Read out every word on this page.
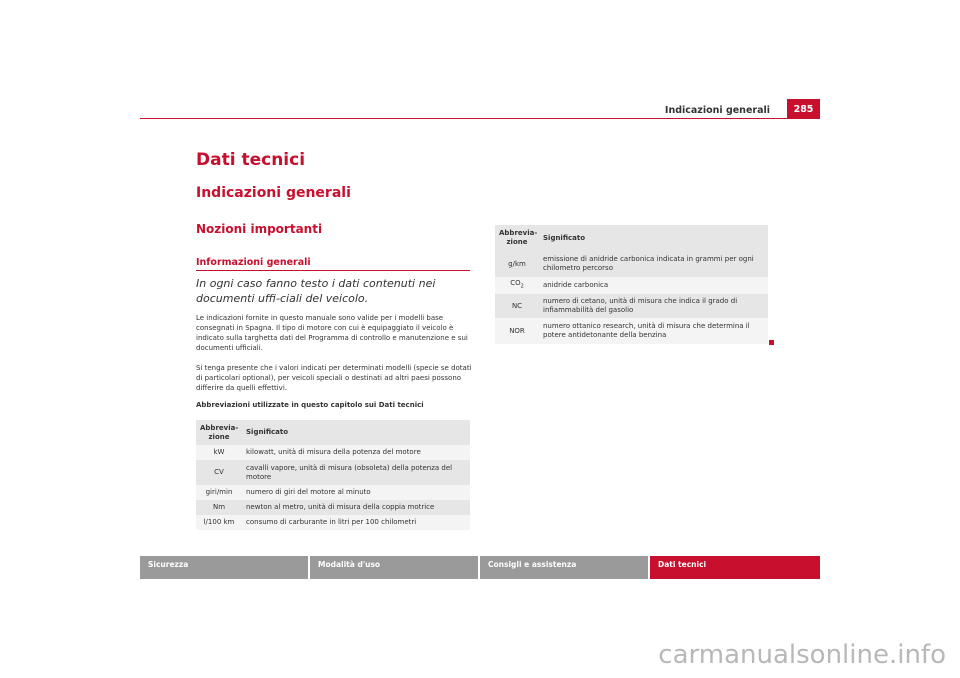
Indicazioni generali	285
Dati tecnici
Indicazioni generali
Nozioni importanti
Informazioni generali
In ogni caso fanno testo i dati contenuti nei documenti uffi-ciali del veicolo.
Le indicazioni fornite in questo manuale sono valide per i modelli base consegnati in Spagna. Il tipo di motore con cui è equipaggiato il veicolo è indicato sulla targhetta dati del Programma di controllo e manutenzione e sui documenti ufficiali.
Si tenga presente che i valori indicati per determinati modelli (specie se dotati di particolari optional), per veicoli speciali o destinati ad altri paesi possono differire da quelli effettivi.
Abbreviazioni utilizzate in questo capitolo sui Dati tecnici
Abbrevia-zione	Significato
kW	kilowatt, unità di misura della potenza del motore
CV	cavalli vapore, unità di misura (obsoleta) della potenza del motore
giri/min	numero di giri del motore al minuto
Nm	newton al metro, unità di misura della coppia motrice
l/100 km	consumo di carburante in litri per 100 chilometri
Abbrevia-zione	Significato
g/km	emissione di anidride carbonica indicata in grammi per ogni chilometro percorso
$CO_2$	anidride carbonica
NC	numero di cetano, unità di misura che indica il grado di infiammabilità del gasolio
NOR	numero ottanico research, unità di misura che determina il potere antidetonante della benzina
Sicurezza	Modalità d'uso	Consigli e assistenza	Dati tecnici
carmanualsonline.info
